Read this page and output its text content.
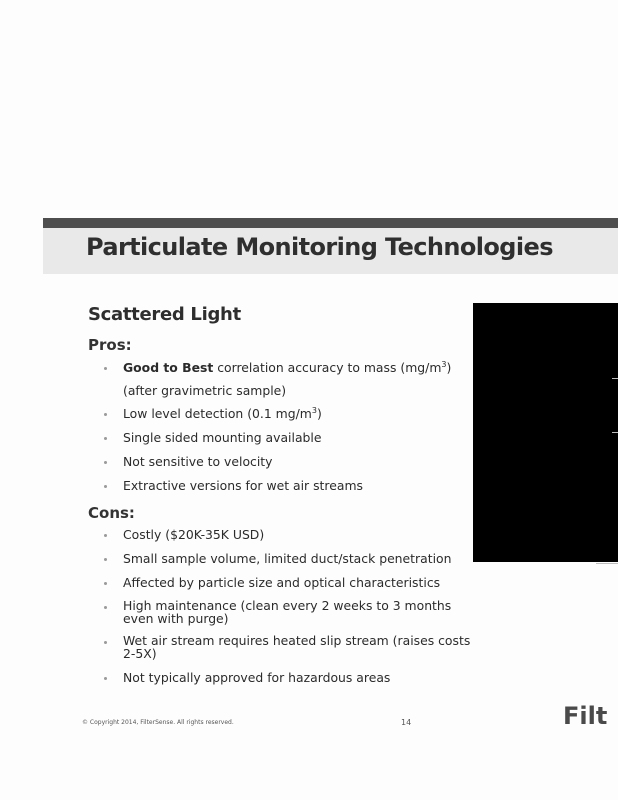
Particulate Monitoring Technologies
Scattered Light

Pros:

Good to Best correlation accuracy to mass $(mg/m^3)$
(after gravimetric sample)
Low level detection (0.1 $mg/m^3$)
Single sided mounting available
Not sensitive to velocity
Extractive versions for wet air streams

Cons:

Costly ($20K-35K USD)
Small sample volume, limited duct/stack penetration
Affected by particle size and optical characteristics
High maintenance (clean every 2 weeks to 3 months
even with purge)
Wet air stream requires heated slip stream (raises costs
2-5X)
Not typically approved for hazardous areas

© Copyright 2014, FilterSense. All rights reserved.	14	Filt
